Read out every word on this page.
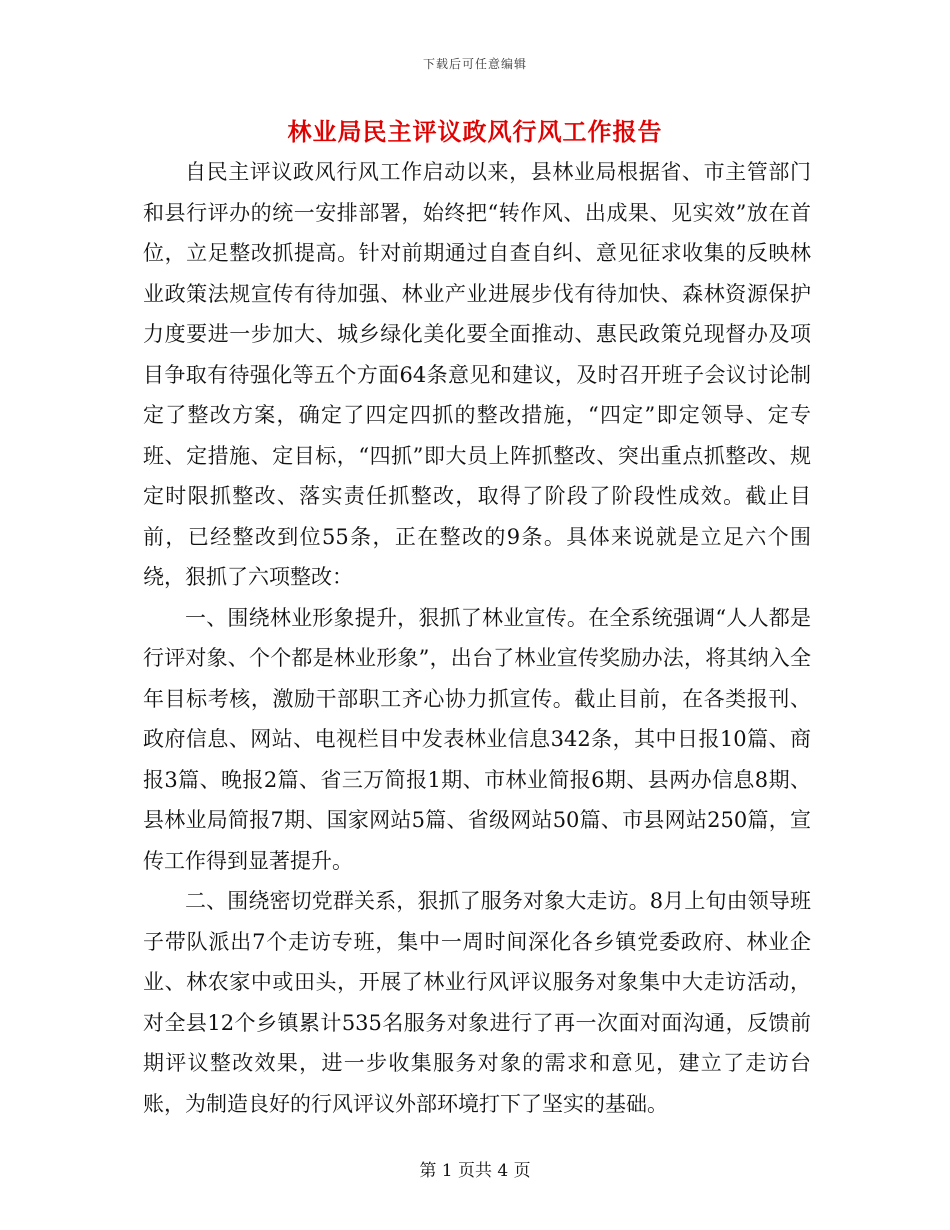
下载后可任意编辑
林业局民主评议政风行风工作报告

自民主评议政风行风工作启动以来，县林业局根据省、市主管部门和县行评办的统一安排部署，始终把“转作风、出成果、见实效”放在首位，立足整改抓提高。针对前期通过自查自纠、意见征求收集的反映林业政策法规宣传有待加强、林业产业进展步伐有待加快、森林资源保护力度要进一步加大、城乡绿化美化要全面推动、惠民政策兑现督办及项目争取有待强化等五个方面64条意见和建议，及时召开班子会议讨论制定了整改方案，确定了四定四抓的整改措施，“四定”即定领导、定专班、定措施、定目标，“四抓”即大员上阵抓整改、突出重点抓整改、规定时限抓整改、落实责任抓整改，取得了阶段了阶段性成效。截止目前，已经整改到位55条，正在整改的9条。具体来说就是立足六个围绕，狠抓了六项整改：

一、围绕林业形象提升，狠抓了林业宣传。在全系统强调“人人都是行评对象、个个都是林业形象”，出台了林业宣传奖励办法，将其纳入全年目标考核，激励干部职工齐心协力抓宣传。截止目前，在各类报刊、政府信息、网站、电视栏目中发表林业信息342条，其中日报10篇、商报3篇、晚报2篇、省三万简报1期、市林业简报6期、县两办信息8期、县林业局简报7期、国家网站5篇、省级网站50篇、市县网站250篇，宣传工作得到显著提升。

二、围绕密切党群关系，狠抓了服务对象大走访。8月上旬由领导班子带队派出7个走访专班，集中一周时间深化各乡镇党委政府、林业企业、林农家中或田头，开展了林业行风评议服务对象集中大走访活动，对全县12个乡镇累计535名服务对象进行了再一次面对面沟通，反馈前期评议整改效果，进一步收集服务对象的需求和意见，建立了走访台账，为制造良好的行风评议外部环境打下了坚实的基础。

第 1 页共 4 页
